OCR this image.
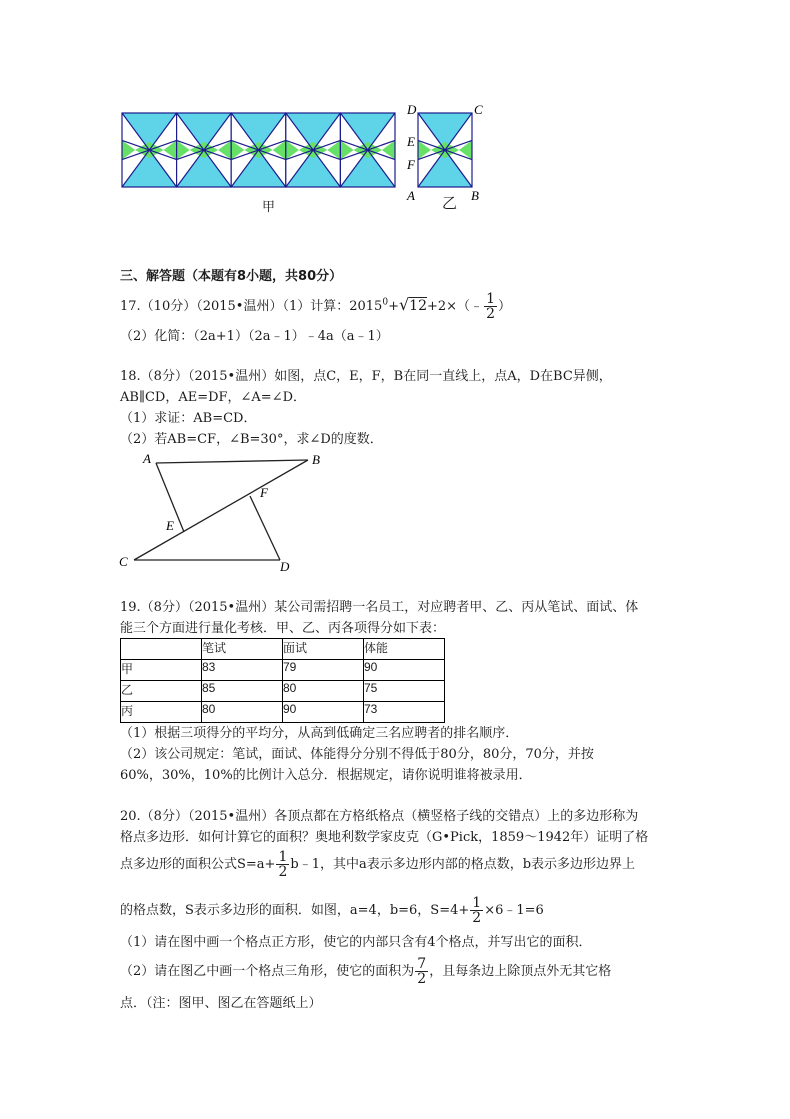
D	C
E
F
A	B
甲	乙
三、解答题（本题有8小题，共80分）
17.（10分）（2015•温州）（1）计算：$2015^0+√12+2\times(﹣ \frac{1}{2}$ ）
（2）化简：（2a+1）（2a﹣1）﹣4a（a﹣1）
18.（8分）（2015•温州）如图，点C，E，F，B在同一直线上，点A，D在BC异侧，
AB∥CD，AE=DF，∠A=∠D．
（1）求证：AB=CD．
（2）若AB=CF，∠B=30°，求∠D的度数．
A	B
F
E
C	D
19.（8分）（2015•温州）某公司需招聘一名员工，对应聘者甲、乙、丙从笔试、面试、体
能三个方面进行量化考核．甲、乙、丙各项得分如下表：
	笔试	面试	体能
甲	83	79	90
乙	85	80	75
丙	80	90	73
（1）根据三项得分的平均分，从高到低确定三名应聘者的排名顺序．
（2）该公司规定：笔试，面试、体能得分分别不得低于80分，80分，70分，并按
60%，30%，10%的比例计入总分．根据规定，请你说明谁将被录用．
20.（8分）（2015•温州）各顶点都在方格纸格点（横竖格子线的交错点）上的多边形称为
格点多边形．如何计算它的面积？奥地利数学家皮克（G•Pick，1859～1942年）证明了格
点多边形的面积公式$S=a+ \frac{1}{2}$ b﹣1，其中a表示多边形内部的格点数，b表示多边形边界上
的格点数，S表示多边形的面积．如图，a=4，b=6，$S=4+ \frac{1}{2}$ ×6﹣1=6
（1）请在图中画一个格点正方形，使它的内部只含有4个格点，并写出它的面积．
（2）请在图乙中画一个格点三角形，使它的面积为 $\frac{7}{2}$ ，且每条边上除顶点外无其它格
点．（注：图甲、图乙在答题纸上）
